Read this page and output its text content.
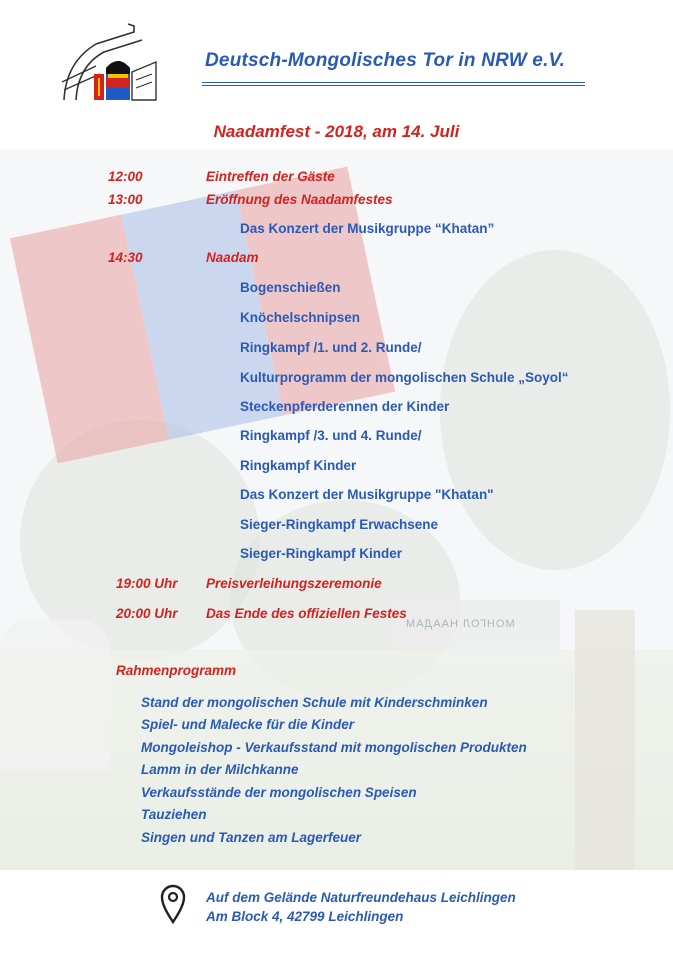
МОНГОЛ НААДАМ
Deutsch-Mongolisches Tor in NRW e.V.
Naadamfest - 2018, am 14. Juli
12:00	Eintreffen der Gäste
13:00	Eröffnung des Naadamfestes
Das Konzert der Musikgruppe “Khatan”
14:30	Naadam
Bogenschießen
Knöchelschnipsen
Ringkampf /1. und 2. Runde/
Kulturprogramm der mongolischen Schule „Soyol“
Steckenpferderennen der Kinder
Ringkampf /3. und 4. Runde/
Ringkampf Kinder
Das Konzert der Musikgruppe "Khatan"
Sieger-Ringkampf Erwachsene
Sieger-Ringkampf Kinder
19:00 Uhr Preisverleihungszeremonie
20:00 Uhr Das Ende des offiziellen Festes
Rahmenprogramm
Stand der mongolischen Schule mit Kinderschminken
Spiel- und Malecke für die Kinder
Mongoleishop - Verkaufsstand mit mongolischen Produkten
Lamm in der Milchkanne
Verkaufsstände der mongolischen Speisen
Tauziehen
Singen und Tanzen am Lagerfeuer
Auf dem Gelände Naturfreundehaus Leichlingen
Am Block 4, 42799 Leichlingen
